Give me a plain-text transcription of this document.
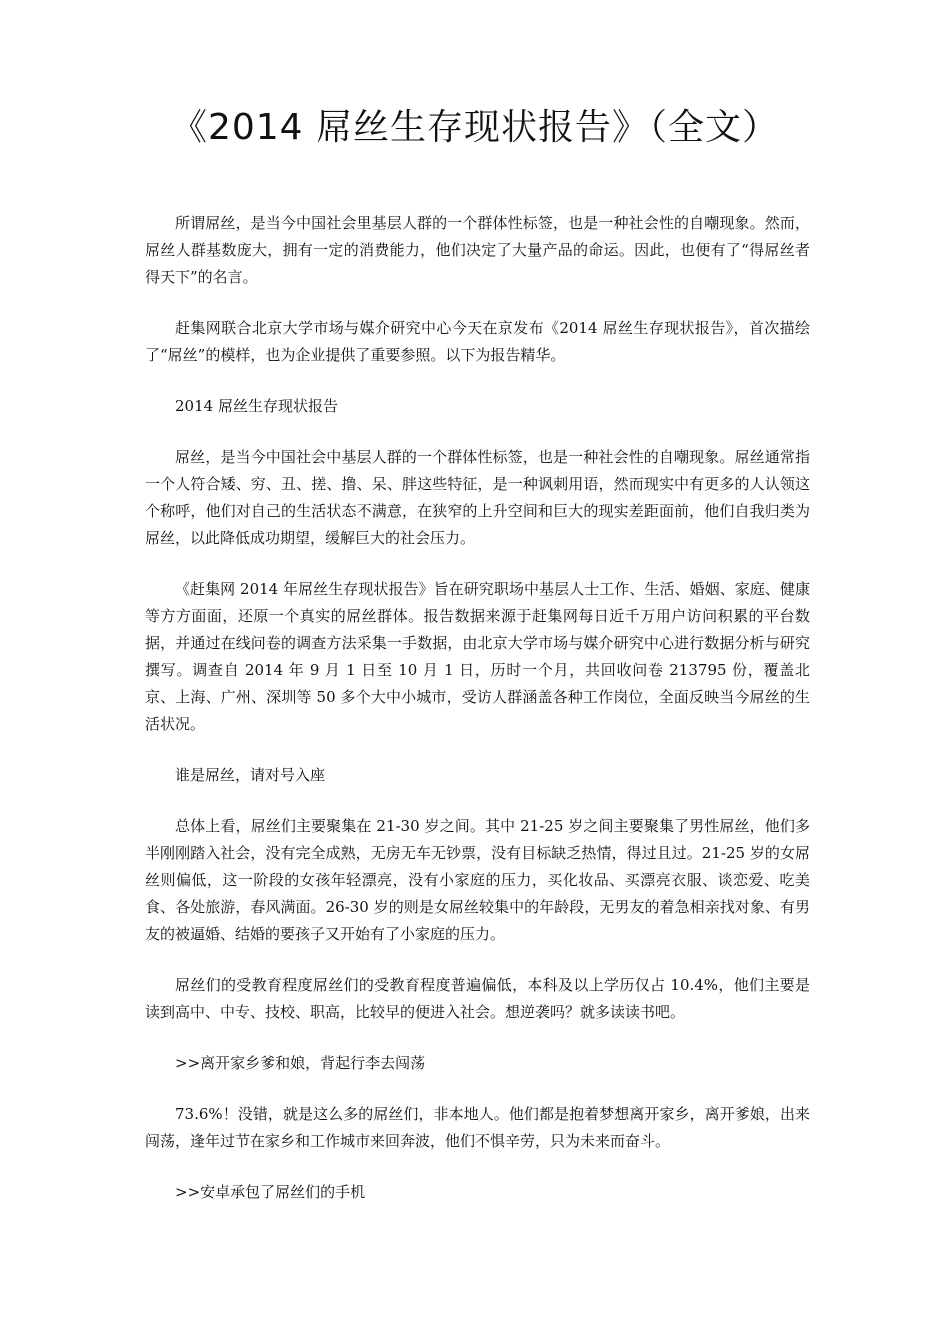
《2014 屌丝生存现状报告》（全文）

所谓屌丝，是当今中国社会里基层人群的一个群体性标签，也是一种社会性的自嘲现象。然而，屌丝人群基数庞大，拥有一定的消费能力，他们决定了大量产品的命运。因此，也便有了“得屌丝者得天下”的名言。

赶集网联合北京大学市场与媒介研究中心今天在京发布《2014 屌丝生存现状报告》，首次描绘了“屌丝”的模样，也为企业提供了重要参照。以下为报告精华。

2014 屌丝生存现状报告

屌丝，是当今中国社会中基层人群的一个群体性标签，也是一种社会性的自嘲现象。屌丝通常指一个人符合矮、穷、丑、搓、撸、呆、胖这些特征，是一种讽刺用语，然而现实中有更多的人认领这个称呼，他们对自己的生活状态不满意，在狭窄的上升空间和巨大的现实差距面前，他们自我归类为屌丝，以此降低成功期望，缓解巨大的社会压力。

《赶集网 2014 年屌丝生存现状报告》旨在研究职场中基层人士工作、生活、婚姻、家庭、健康等方方面面，还原一个真实的屌丝群体。报告数据来源于赶集网每日近千万用户访问积累的平台数据，并通过在线问卷的调查方法采集一手数据，由北京大学市场与媒介研究中心进行数据分析与研究撰写。调查自 2014 年 9 月 1 日至 10 月 1 日，历时一个月，共回收问卷 213795 份，覆盖北京、上海、广州、深圳等 50 多个大中小城市，受访人群涵盖各种工作岗位，全面反映当今屌丝的生活状况。

谁是屌丝，请对号入座

总体上看，屌丝们主要聚集在 21-30 岁之间。其中 21-25 岁之间主要聚集了男性屌丝，他们多半刚刚踏入社会，没有完全成熟，无房无车无钞票，没有目标缺乏热情，得过且过。21-25 岁的女屌丝则偏低，这一阶段的女孩年轻漂亮，没有小家庭的压力，买化妆品、买漂亮衣服、谈恋爱、吃美食、各处旅游，春风满面。26-30 岁的则是女屌丝较集中的年龄段，无男友的着急相亲找对象、有男友的被逼婚、结婚的要孩子又开始有了小家庭的压力。

屌丝们的受教育程度屌丝们的受教育程度普遍偏低，本科及以上学历仅占 10.4%，他们主要是读到高中、中专、技校、职高，比较早的便进入社会。想逆袭吗？就多读读书吧。

>>离开家乡爹和娘，背起行李去闯荡

73.6%！没错，就是这么多的屌丝们，非本地人。他们都是抱着梦想离开家乡，离开爹娘，出来闯荡，逢年过节在家乡和工作城市来回奔波，他们不惧辛劳，只为未来而奋斗。

>>安卓承包了屌丝们的手机
